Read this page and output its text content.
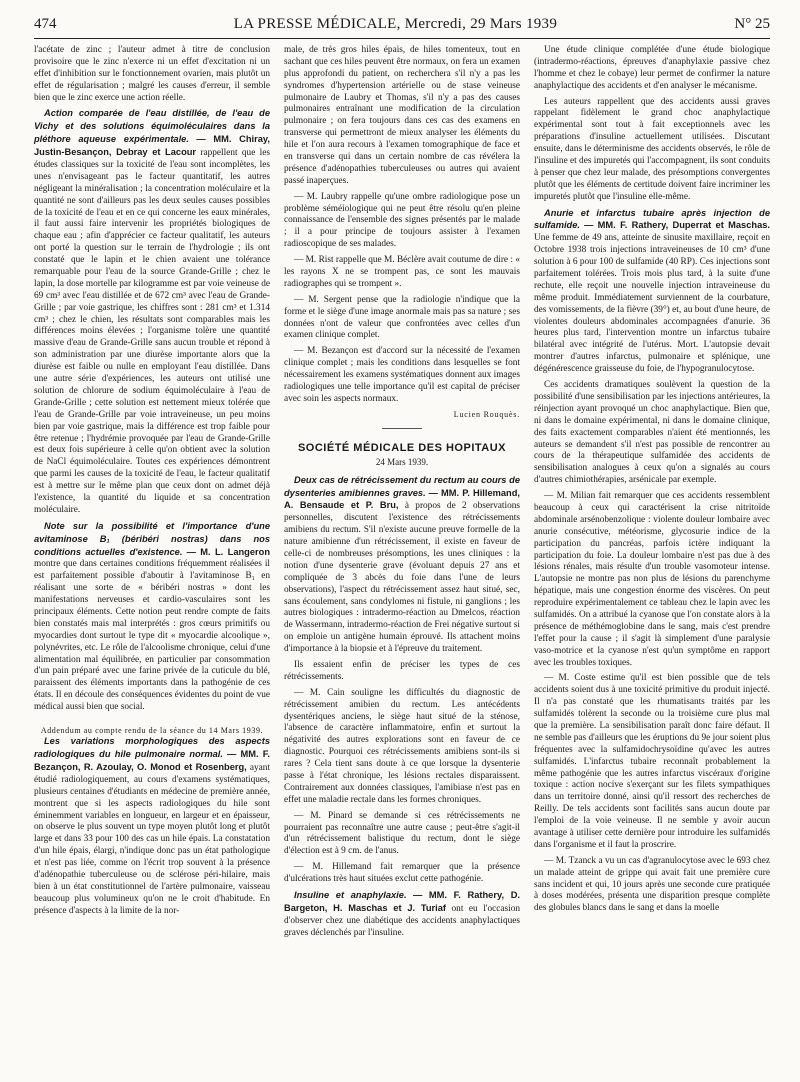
474	LA PRESSE MÉDICALE, Mercredi, 29 Mars 1939	N° 25

l'acétate de zinc ; l'auteur admet à titre de conclusion provisoire que le zinc n'exerce ni un effet d'excitation ni un effet d'inhibition sur le fonctionnement ovarien, mais plutôt un effet de régularisation ; malgré les causes d'erreur, il semble bien que le zinc exerce une action réelle.

Action comparée de l'eau distillée, de l'eau de Vichy et des solutions équimoléculaires dans la pléthore aqueuse expérimentale. — MM. Chiray, Justin-Besançon, Debray et Lacour rappellent que les études classiques sur la toxicité de l'eau sont incomplètes, les unes n'envisageant pas le facteur quantitatif, les autres négligeant la minéralisation ; la concentration moléculaire et la quantité ne sont d'ailleurs pas les deux seules causes possibles de la toxicité de l'eau et en ce qui concerne les eaux minérales, il faut aussi faire intervenir les propriétés biologiques de chaque eau ; afin d'apprécier ce facteur qualitatif, les auteurs ont porté la question sur le terrain de l'hydrologie ; ils ont constaté que le lapin et le chien avaient une tolérance remarquable pour l'eau de la source Grande-Grille ; chez le lapin, la dose mortelle par kilogramme est par voie veineuse de 69 cm³ avec l'eau distillée et de 672 cm³ avec l'eau de Grande-Grille ; par voie gastrique, les chiffres sont : 281 cm³ et 1.314 cm³ ; chez le chien, les résultats sont comparables mais les différences moins élevées ; l'organisme tolère une quantité massive d'eau de Grande-Grille sans aucun trouble et répond à son administration par une diurèse importante alors que la diurèse est faible ou nulle en employant l'eau distillée. Dans une autre série d'expériences, les auteurs ont utilisé une solution de chlorure de sodium équimoléculaire à l'eau de Grande-Grille ; cette solution est nettement mieux tolérée que l'eau de Grande-Grille par voie intraveineuse, un peu moins bien par voie gastrique, mais la différence est trop faible pour être retenue ; l'hydrémie provoquée par l'eau de Grande-Grille est deux fois supérieure à celle qu'on obtient avec la solution de NaCl équimoléculaire. Toutes ces expériences démontrent que parmi les causes de la toxicité de l'eau, le facteur qualitatif est à mettre sur le même plan que ceux dont on admet déjà l'existence, la quantité du liquide et sa concentration moléculaire.

Note sur la possibilité et l'importance d'une avitaminose B₁ (béribéri nostras) dans nos conditions actuelles d'existence. — M. L. Langeron montre que dans certaines conditions fréquemment réalisées il est parfaitement possible d'aboutir à l'avitaminose B₁ en réalisant une sorte de « béribéri nostras » dont les manifestations nerveuses et cardio-vasculaires sont les principaux éléments. Cette notion peut rendre compte de faits bien constatés mais mal interprétés : gros cœurs primitifs ou myocardies dont surtout le type dit « myocardie alcoolique », polynévrites, etc. Le rôle de l'alcoolisme chronique, celui d'une alimentation mal équilibrée, en particulier par consommation d'un pain préparé avec une farine privée de la cuticule du blé, paraissent des éléments importants dans la pathogénie de ces états. Il en découle des conséquences évidentes du point de vue médical aussi bien que social.

Addendum au compte rendu de la séance du 14 Mars 1939.

Les variations morphologiques des aspects radiologiques du hile pulmonaire normal. — MM. F. Bezançon, R. Azoulay, O. Monod et Rosenberg, ayant étudié radiologiquement, au cours d'examens systématiques, plusieurs centaines d'étudiants en médecine de première année, montrent que si les aspects radiologiques du hile sont éminemment variables en longueur, en largeur et en épaisseur, on observe le plus souvent un type moyen plutôt long et plutôt large et dans 33 pour 100 des cas un hile épais. La constatation d'un hile épais, élargi, n'indique donc pas un état pathologique et n'est pas liée, comme on l'écrit trop souvent à la présence d'adénopathie tuberculeuse ou de sclérose péri-hilaire, mais bien à un état constitutionnel de l'artère pulmonaire, vaisseau beaucoup plus volumineux qu'on ne le croit d'habitude. En présence d'aspects à la limite de la nor-

male, de très gros hiles épais, de hiles tomenteux, tout en sachant que ces hiles peuvent être normaux, on fera un examen plus approfondi du patient, on recherchera s'il n'y a pas les syndromes d'hypertension artérielle ou de stase veineuse pulmonaire de Laubry et Thomas, s'il n'y a pas des causes pulmonaires entraînant une modification de la circulation pulmonaire ; on fera toujours dans ces cas des examens en transverse qui permettront de mieux analyser les éléments du hile et l'on aura recours à l'examen tomographique de face et en transverse qui dans un certain nombre de cas révélera la présence d'adénopathies tuberculeuses ou autres qui avaient passé inaperçues.

— M. Laubry rappelle qu'une ombre radiologique pose un problème séméiologique qui ne peut être résolu qu'en pleine connaissance de l'ensemble des signes présentés par le malade ; il a pour principe de toujours assister à l'examen radioscopique de ses malades.

— M. Rist rappelle que M. Béclère avait coutume de dire : « les rayons X ne se trompent pas, ce sont les mauvais radiographes qui se trompent ».

— M. Sergent pense que la radiologie n'indique que la forme et le siège d'une image anormale mais pas sa nature ; ses données n'ont de valeur que confrontées avec celles d'un examen clinique complet.

— M. Bezançon est d'accord sur la nécessité de l'examen clinique complet ; mais les conditions dans lesquelles se font nécessairement les examens systématiques donnent aux images radiologiques une telle importance qu'il est capital de préciser avec soin les aspects normaux.

Lucien Rouquès.
SOCIÉTÉ MÉDICALE DES HOPITAUX
24 Mars 1939.

Deux cas de rétrécissement du rectum au cours de dysenteries amibiennes graves. — MM. P. Hillemand, A. Bensaude et P. Bru, à propos de 2 observations personnelles, discutent l'existence des rétrécissements amibiens du rectum. S'il n'existe aucune preuve formelle de la nature amibienne d'un rétrécissement, il existe en faveur de celle-ci de nombreuses présomptions, les unes cliniques : la notion d'une dysenterie grave (évoluant depuis 27 ans et compliquée de 3 abcès du foie dans l'une de leurs observations), l'aspect du rétrécissement assez haut situé, sec, sans écoulement, sans condylomes ni fistule, ni ganglions ; les autres biologiques : intradermo-réaction au Dmelcos, réaction de Wassermann, intradermo-réaction de Frei négative surtout si on emploie un antigène humain éprouvé. Ils attachent moins d'importance à la biopsie et à l'épreuve du traitement.

Ils essaient enfin de préciser les types de ces rétrécissements.

— M. Cain souligne les difficultés du diagnostic de rétrécissement amibien du rectum. Les antécédents dysentériques anciens, le siège haut situé de la sténose, l'absence de caractère inflammatoire, enfin et surtout la négativité des autres explorations sont en faveur de ce diagnostic. Pourquoi ces rétrécissements amibiens sont-ils si rares ? Cela tient sans doute à ce que lorsque la dysenterie passe à l'état chronique, les lésions rectales disparaissent. Contrairement aux données classiques, l'amibiase n'est pas en effet une maladie rectale dans les formes chroniques.

— M. Pinard se demande si ces rétrécissements ne pourraient pas reconnaître une autre cause ; peut-être s'agit-il d'un rétrécissement balistique du rectum, dont le siège d'élection est à 9 cm. de l'anus.

— M. Hillemand fait remarquer que la présence d'ulcérations très haut situées exclut cette pathogénie.

Insuline et anaphylaxie. — MM. F. Rathery, D. Bargeton, H. Maschas et J. Turiaf ont eu l'occasion d'observer chez une diabétique des accidents anaphylactiques graves déclenchés par l'insuline.

Une étude clinique complétée d'une étude biologique (intradermo-réactions, épreuves d'anaphylaxie passive chez l'homme et chez le cobaye) leur permet de confirmer la nature anaphylactique des accidents et d'en analyser le mécanisme.

Les auteurs rappellent que des accidents aussi graves rappelant fidèlement le grand choc anaphylactique expérimental sont tout à fait exceptionnels avec les préparations d'insuline actuellement utilisées. Discutant ensuite, dans le déterminisme des accidents observés, le rôle de l'insuline et des impuretés qui l'accompagnent, ils sont conduits à penser que chez leur malade, des présomptions convergentes plutôt que les éléments de certitude doivent faire incriminer les impuretés plutôt que l'insuline elle-même.

Anurie et infarctus tubaire après injection de sulfamide. — MM. F. Rathery, Duperrat et Maschas. Une femme de 49 ans, atteinte de sinusite maxillaire, reçoit en Octobre 1938 trois injections intraveineuses de 10 cm³ d'une solution à 6 pour 100 de sulfamide (40 RP). Ces injections sont parfaitement tolérées. Trois mois plus tard, à la suite d'une rechute, elle reçoit une nouvelle injection intraveineuse du même produit. Immédiatement surviennent de la courbature, des vomissements, de la fièvre (39°) et, au bout d'une heure, de violentes douleurs abdominales accompagnées d'anurie. 36 heures plus tard, l'intervention montre un infarctus tubaire bilatéral avec intégrité de l'utérus. Mort. L'autopsie devait montrer d'autres infarctus, pulmonaire et splénique, une dégénérescence graisseuse du foie, de l'hypogranulocytose.

Ces accidents dramatiques soulèvent la question de la possibilité d'une sensibilisation par les injections antérieures, la réinjection ayant provoqué un choc anaphylactique. Bien que, ni dans le domaine expérimental, ni dans le domaine clinique, des faits exactement comparables n'aient été mentionnés, les auteurs se demandent s'il n'est pas possible de rencontrer au cours de la thérapeutique sulfamidée des accidents de sensibilisation analogues à ceux qu'on a signalés au cours d'autres chimiothérapies, arsénicale par exemple.

— M. Milian fait remarquer que ces accidents ressemblent beaucoup à ceux qui caractérisent la crise nitritoïde abdominale arsénobenzolique : violente douleur lombaire avec anurie consécutive, météorisme, glycosurie indice de la participation du pancréas, parfois ictère indiquant la participation du foie. La douleur lombaire n'est pas due à des lésions rénales, mais résulte d'un trouble vasomoteur intense. L'autopsie ne montre pas non plus de lésions du parenchyme hépatique, mais une congestion énorme des viscères. On peut reproduire expérimentalement ce tableau chez le lapin avec les sulfamidés. On a attribué la cyanose que l'on constate alors à la présence de méthémoglobine dans le sang, mais c'est prendre l'effet pour la cause ; il s'agit là simplement d'une paralysie vaso-motrice et la cyanose n'est qu'un symptôme en rapport avec les troubles toxiques.

— M. Coste estime qu'il est bien possible que de tels accidents soient dus à une toxicité primitive du produit injecté. Il n'a pas constaté que les rhumatisants traités par les sulfamidés tolèrent la seconde ou la troisième cure plus mal que la première. La sensibilisation paraît donc faire défaut. Il ne semble pas d'ailleurs que les éruptions du 9e jour soient plus fréquentes avec la sulfamidochrysoïdine qu'avec les autres sulfamidés. L'infarctus tubaire reconnaît probablement la même pathogénie que les autres infarctus viscéraux d'origine toxique : action nocive s'exerçant sur les filets sympathiques dans un territoire donné, ainsi qu'il ressort des recherches de Reilly. De tels accidents sont facilités sans aucun doute par l'emploi de la voie veineuse. Il ne semble y avoir aucun avantage à utiliser cette dernière pour introduire les sulfamidés dans l'organisme et il faut la proscrire.

— M. Tzanck a vu un cas d'agranulocytose avec le 693 chez un malade atteint de grippe qui avait fait une première cure sans incident et qui, 10 jours après une seconde cure pratiquée à doses modérées, présenta une disparition presque complète des globules blancs dans le sang et dans la moelle
